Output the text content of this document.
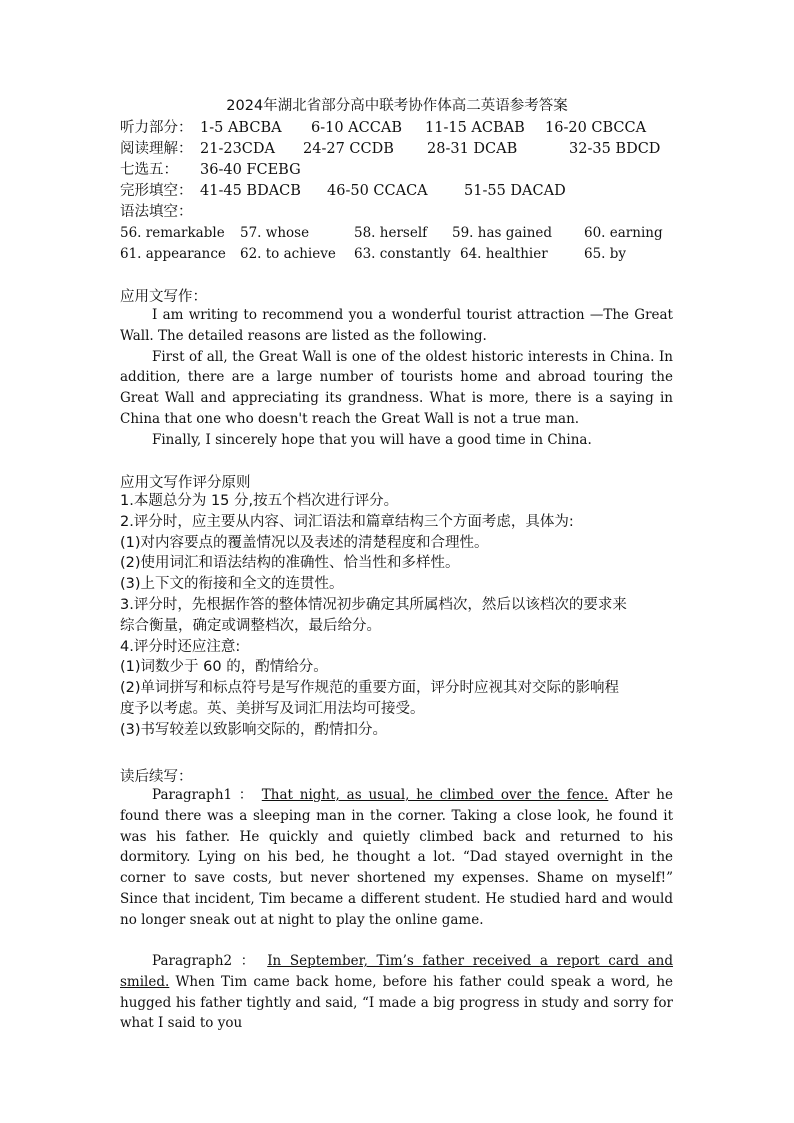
2024年湖北省部分高中联考协作体高二英语参考答案
听力部分： 1-5 ABCBA 6-10 ACCAB 11-15 ACBAB 16-20 CBCCA
阅读理解： 21-23CDA 24-27 CCDB 28-31 DCAB	32-35 BDCD
七选五： 36-40 FCEBG
完形填空： 41-45 BDACB 46-50 CCACA	51-55 DACAD
语法填空：
56. remarkable 57. whose	58. herself 59. has gained 60. earning
61. appearance 62. to achieve 63. constantly 64. healthier	65. by
应用文写作：

I am writing to recommend you a wonderful tourist attraction —The Great Wall. The detailed reasons are listed as the following.

First of all, the Great Wall is one of the oldest historic interests in China. In addition, there are a large number of tourists home and abroad touring the Great Wall and appreciating its grandness. What is more, there is a saying in China that one who doesn't reach the Great Wall is not a true man.

Finally, I sincerely hope that you will have a good time in China.

应用文写作评分原则
1.本题总分为 15 分,按五个档次进行评分。
2.评分时，应主要从内容、词汇语法和篇章结构三个方面考虑，具体为:
(1)对内容要点的覆盖情况以及表述的清楚程度和合理性。
(2)使用词汇和语法结构的准确性、恰当性和多样性。
(3)上下文的衔接和全文的连贯性。
3.评分时，先根据作答的整体情况初步确定其所属档次，然后以该档次的要求来
综合衡量，确定或调整档次，最后给分。
4.评分时还应注意:
(1)词数少于 60 的，酌情给分。
(2)单词拼写和标点符号是写作规范的重要方面，评分时应视其对交际的影响程
度予以考虑。英、美拼写及词汇用法均可接受。
(3)书写较差以致影响交际的，酌情扣分。
读后续写：

Paragraph1 ： That night, as usual, he climbed over the fence. After he found there was a sleeping man in the corner. Taking a close look, he found it was his father. He quickly and quietly climbed back and returned to his dormitory. Lying on his bed, he thought a lot. “Dad stayed overnight in the corner to save costs, but never shortened my expenses. Shame on myself!” Since that incident, Tim became a different student. He studied hard and would no longer sneak out at night to play the online game.

Paragraph2 ： In September, Tim’s father received a report card and smiled. When Tim came back home, before his father could speak a word, he hugged his father tightly and said, “I made a big progress in study and sorry for what I said to you
